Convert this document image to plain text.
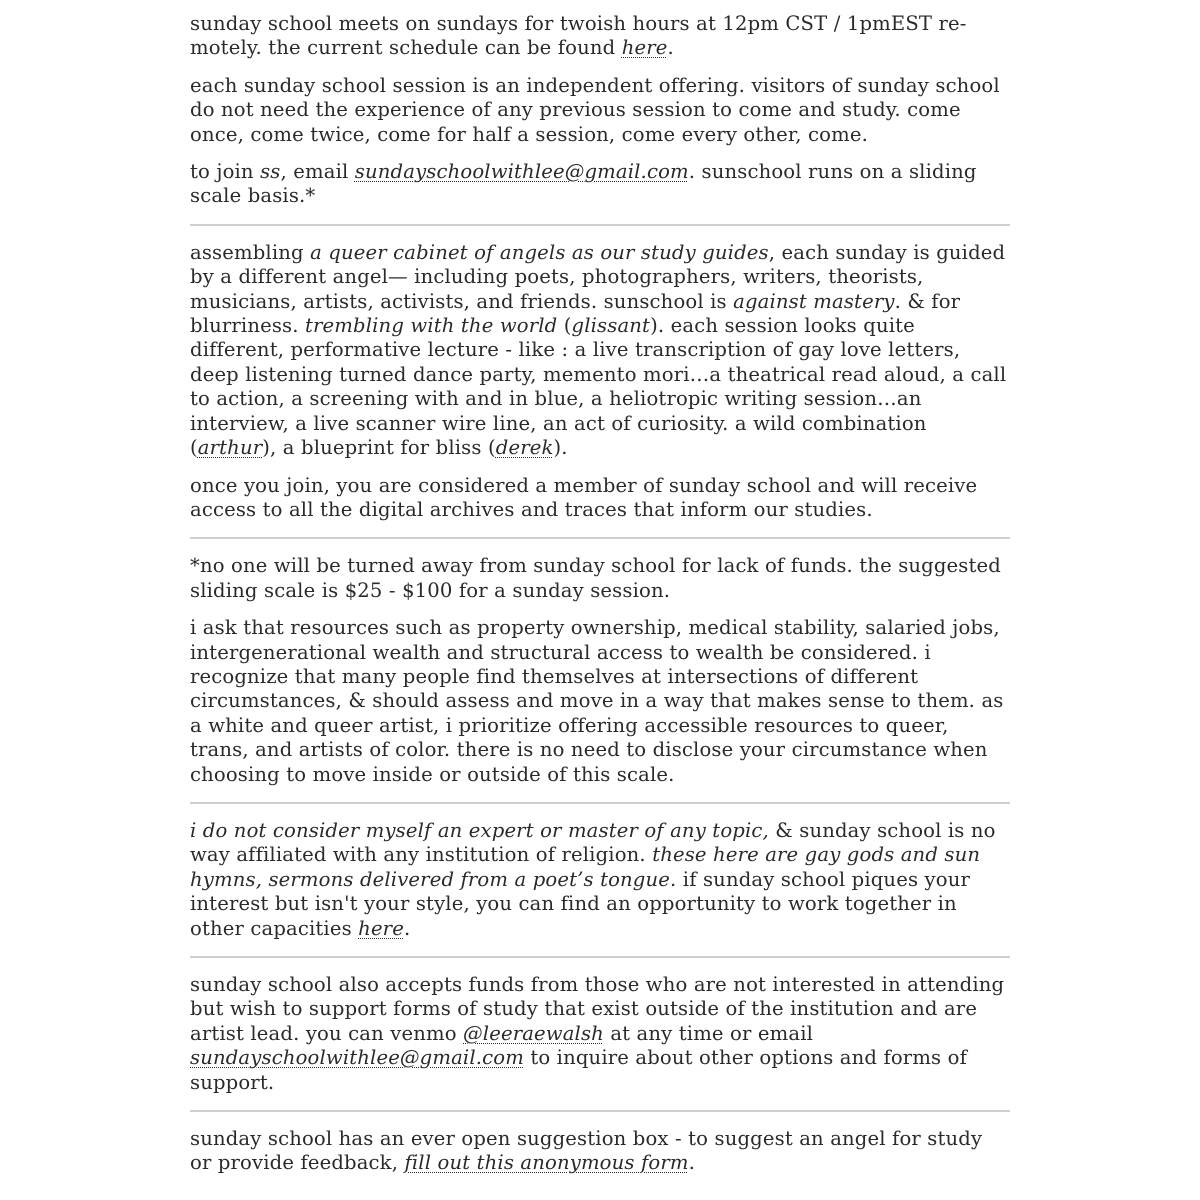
sunday school meets on sundays for twoish hours at 12pm CST / 1pmEST remotely. the current schedule can be found here.

each sunday school session is an independent offering. visitors of sunday school do not need the experience of any previous session to come and study. come once, come twice, come for half a session, come every other, come.

to join ss, email sundayschoolwithlee@gmail.com. sunschool runs on a sliding scale basis.*

assembling a queer cabinet of angels as our study guides, each sunday is guided by a different angel— including poets, photographers, writers, theorists, musicians, artists, activists, and friends. sunschool is against mastery. & for blurriness. trembling with the world (glissant). each session looks quite different, performative lecture - like : a live transcription of gay love letters, deep listening turned dance party, memento mori…a theatrical read aloud, a call to action, a screening with and in blue, a heliotropic writing session…an interview, a live scanner wire line, an act of curiosity. a wild combination (arthur), a blueprint for bliss (derek).

once you join, you are considered a member of sunday school and will receive access to all the digital archives and traces that inform our studies.

*no one will be turned away from sunday school for lack of funds. the suggested sliding scale is $25 - $100 for a sunday session.

i ask that resources such as property ownership, medical stability, salaried jobs, intergenerational wealth and structural access to wealth be considered. i recognize that many people find themselves at intersections of different circumstances, & should assess and move in a way that makes sense to them. as a white and queer artist, i prioritize offering accessible resources to queer, trans, and artists of color. there is no need to disclose your circumstance when choosing to move inside or outside of this scale.

i do not consider myself an expert or master of any topic, & sunday school is no way affiliated with any institution of religion. these here are gay gods and sun hymns, sermons delivered from a poet’s tongue. if sunday school piques your interest but isn't your style, you can find an opportunity to work together in other capacities here.

sunday school also accepts funds from those who are not interested in attending but wish to support forms of study that exist outside of the institution and are artist lead. you can venmo @leeraewalsh at any time or email sundayschoolwithlee@gmail.com to inquire about other options and forms of support.

sunday school has an ever open suggestion box - to suggest an angel for study or provide feedback, fill out this anonymous form.
